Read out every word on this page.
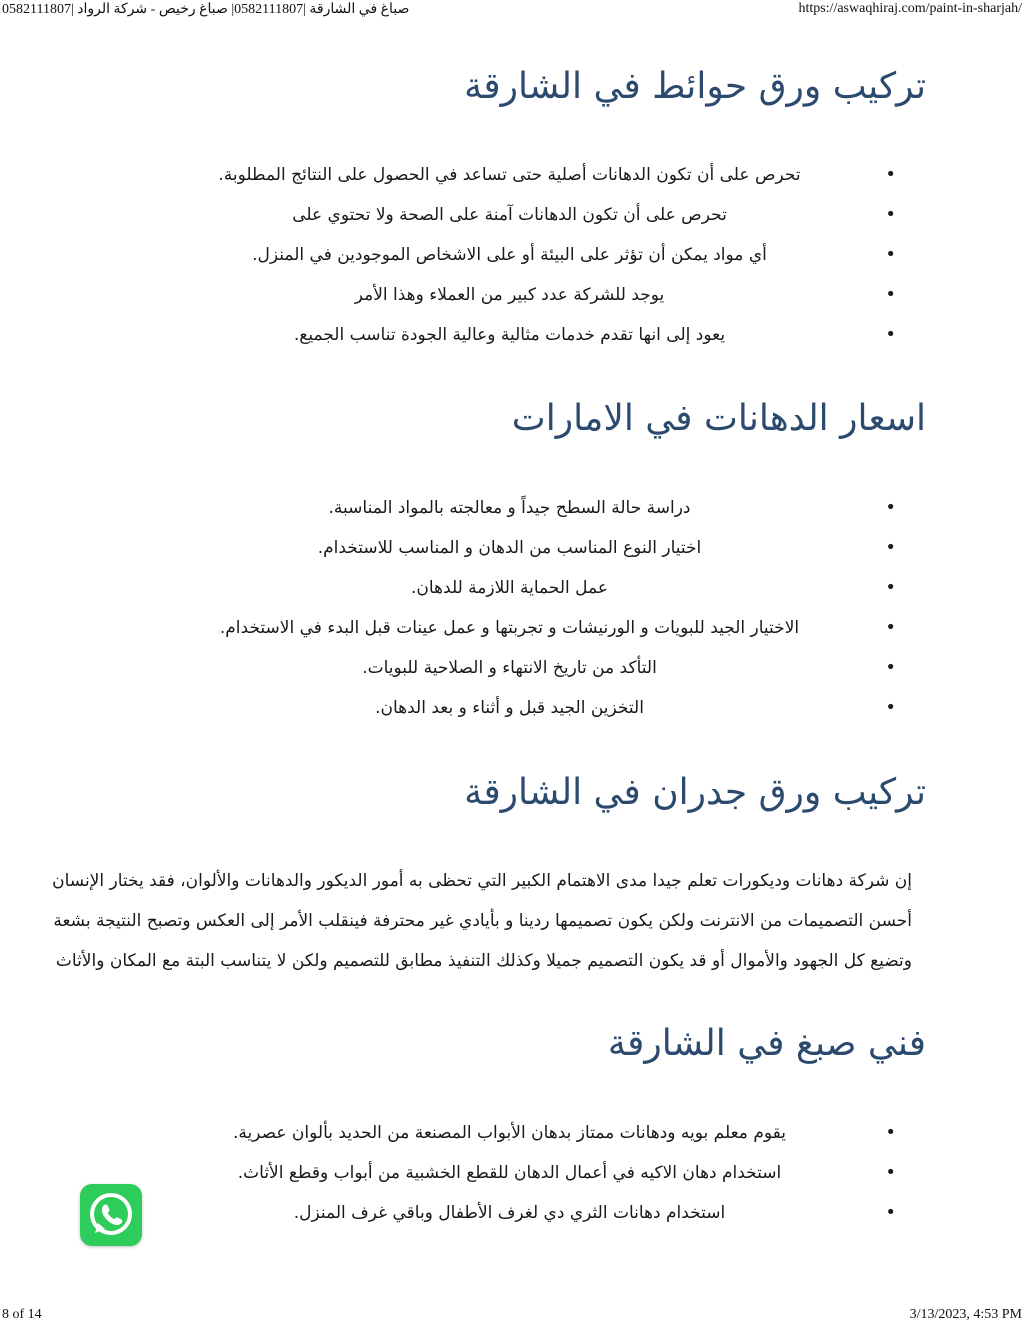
صباغ في الشارقة |0582111807| صباغ رخيص - شركة الرواد |0582111807	https://aswaqhiraj.com/paint-in-sharjah/
تركيب ورق حوائط في الشارقة
•
تحرص على أن تكون الدهانات أصلية حتى تساعد في الحصول على النتائج المطلوبة.
•
تحرص على أن تكون الدهانات آمنة على الصحة ولا تحتوي على
•
أي مواد يمكن أن تؤثر على البيئة أو على الاشخاص الموجودين في المنزل.
•
يوجد للشركة عدد كبير من العملاء وهذا الأمر
•
يعود إلى انها تقدم خدمات مثالية وعالية الجودة تناسب الجميع.
اسعار الدهانات في الامارات
•
دراسة حالة السطح جيداً و معالجته بالمواد المناسبة.
•
اختيار النوع المناسب من الدهان و المناسب للاستخدام.
•
عمل الحماية اللازمة للدهان.
•
الاختيار الجيد للبويات و الورنيشات و تجربتها و عمل عينات قبل البدء في الاستخدام.
•
التأكد من تاريخ الانتهاء و الصلاحية للبويات.
•
التخزين الجيد قبل و أثناء و بعد الدهان.
تركيب ورق جدران في الشارقة

إن شركة دهانات وديكورات تعلم جيدا مدى الاهتمام الكبير التي تحظى به أمور الديكور والدهانات والألوان، فقد يختار الإنسان
أحسن التصميمات من الانترنت ولكن يكون تصميمها ردينا و بأيادي غير محترفة فينقلب الأمر إلى العكس وتصبح النتيجة بشعة
وتضيع كل الجهود والأموال أو قد يكون التصميم جميلا وكذلك التنفيذ مطابق للتصميم ولكن لا يتناسب البتة مع المكان والأثاث

فني صبغ في الشارقة
•
يقوم معلم بويه ودهانات ممتاز بدهان الأبواب المصنعة من الحديد بألوان عصرية.
•
استخدام دهان الاكيه في أعمال الدهان للقطع الخشبية من أبواب وقطع الأثاث.
•
استخدام دهانات الثري دي لغرف الأطفال وباقي غرف المنزل.
8 of 14	3/13/2023, 4:53 PM
